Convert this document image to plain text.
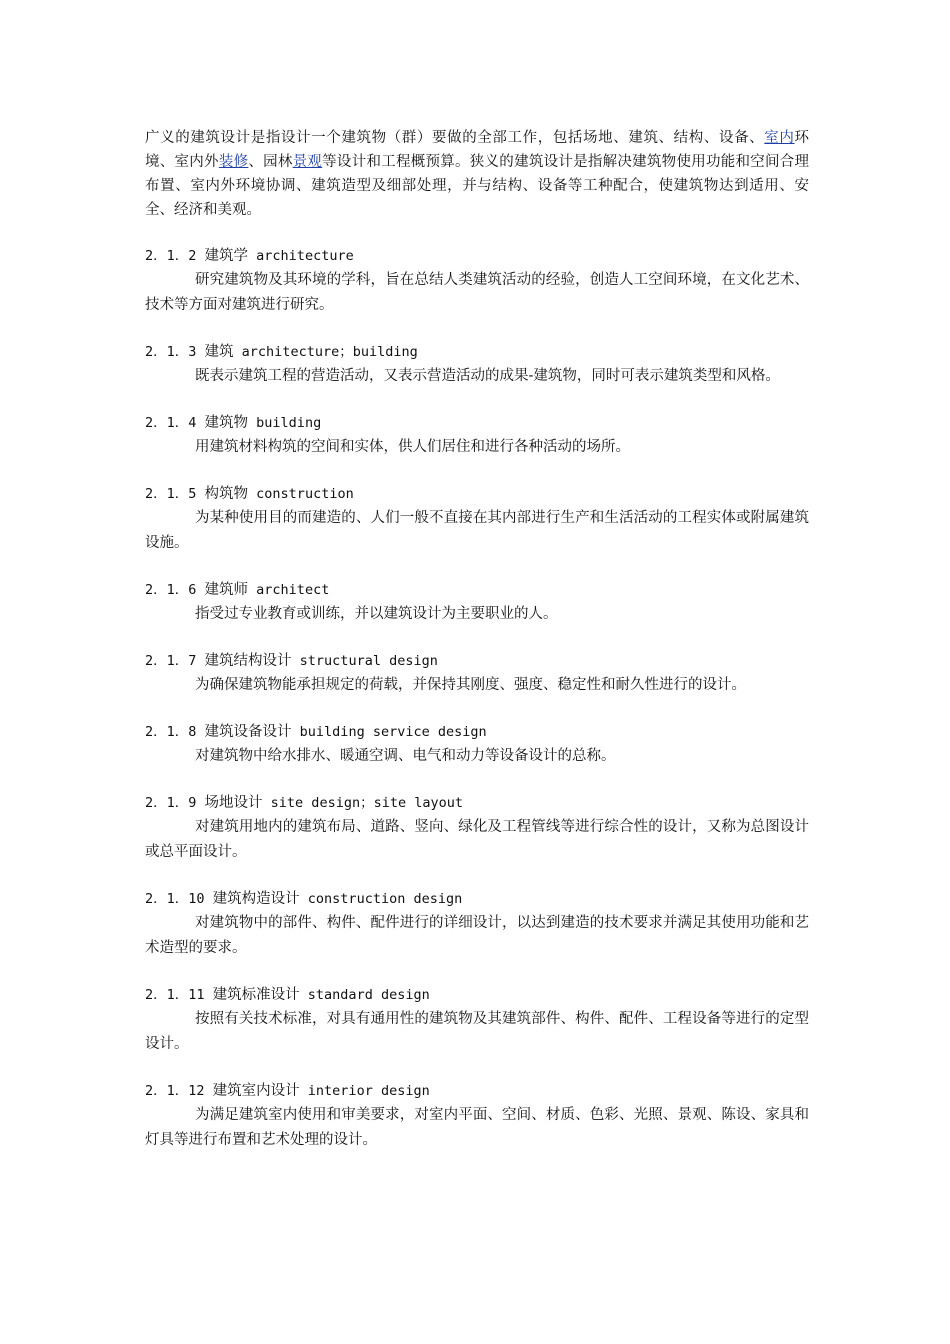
广义的建筑设计是指设计一个建筑物（群）要做的全部工作，包括场地、建筑、结构、设备、室内环境、室内外装修、园林景观等设计和工程概预算。狭义的建筑设计是指解决建筑物使用功能和空间合理布置、室内外环境协调、建筑造型及细部处理，并与结构、设备等工种配合，使建筑物达到适用、安全、经济和美观。

2．1．2 建筑学 architecture

研究建筑物及其环境的学科，旨在总结人类建筑活动的经验，创造人工空间环境，在文化艺术、技术等方面对建筑进行研究。

2．1．3 建筑 architecture；building

既表示建筑工程的营造活动，又表示营造活动的成果-建筑物，同时可表示建筑类型和风格。

2．1．4 建筑物 building

用建筑材料构筑的空间和实体，供人们居住和进行各种活动的场所。

2．1．5 构筑物 construction

为某种使用目的而建造的、人们一般不直接在其内部进行生产和生活活动的工程实体或附属建筑设施。

2．1．6 建筑师 architect

指受过专业教育或训练，并以建筑设计为主要职业的人。

2．1．7 建筑结构设计 structural design

为确保建筑物能承担规定的荷载，并保持其刚度、强度、稳定性和耐久性进行的设计。

2．1．8 建筑设备设计 building service design

对建筑物中给水排水、暖通空调、电气和动力等设备设计的总称。

2．1．9 场地设计 site design；site layout

对建筑用地内的建筑布局、道路、竖向、绿化及工程管线等进行综合性的设计，又称为总图设计或总平面设计。

2．1．10 建筑构造设计 construction design

对建筑物中的部件、构件、配件进行的详细设计，以达到建造的技术要求并满足其使用功能和艺术造型的要求。

2．1．11 建筑标准设计 standard design

按照有关技术标准，对具有通用性的建筑物及其建筑部件、构件、配件、工程设备等进行的定型设计。

2．1．12 建筑室内设计 interior design

为满足建筑室内使用和审美要求，对室内平面、空间、材质、色彩、光照、景观、陈设、家具和灯具等进行布置和艺术处理的设计。
